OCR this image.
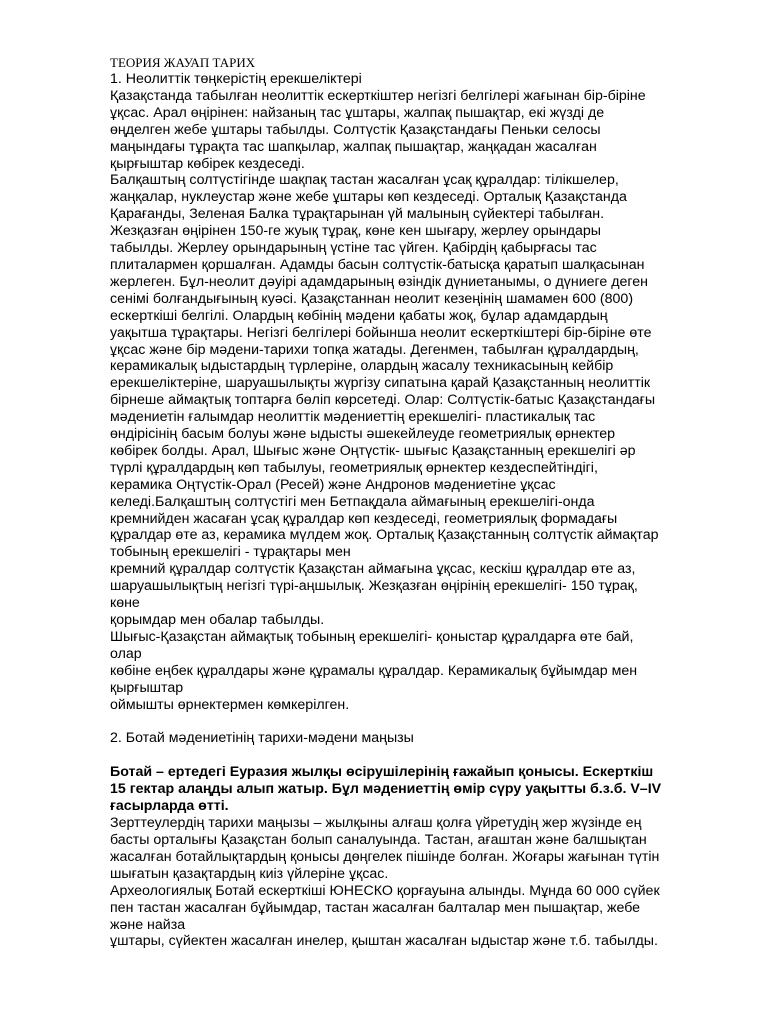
ТЕОРИЯ ЖАУАП ТАРИХ

1. Неолиттік төңкерістің ерекшеліктері

Қазақстанда табылған неолиттік ескерткіштер негізгі белгілері жағынан бір-біріне

ұқсас. Арал өңірінен: найзаның тас ұштары, жалпақ пышақтар, екі жүзді де

өңделген жебе ұштары табылды. Солтүстік Қазақстандағы Пеньки селосы

маңындағы тұрақта тас шапқылар, жалпақ пышақтар, жаңқадан жасалған

қырғыштар көбірек кездеседі.

Балқаштың солтүстігінде шақпақ тастан жасалған ұсақ құралдар: тілікшелер,

жаңқалар, нуклеустар және жебе ұштары көп кездеседі. Орталық Қазақстанда

Қарағанды, Зеленая Балка тұрақтарынан үй малының сүйектері табылған.

Жезқазған өңірінен 150-ге жуық тұрақ, көне кен шығару, жерлеу орындары

табылды. Жерлеу орындарының үстіне тас үйген. Қабірдің қабырғасы тас

плиталармен қоршалған. Адамды басын солтүстік-батысқа қаратып шалқасынан

жерлеген. Бұл-неолит дәуірі адамдарының өзіндік дүниетанымы, о дүниеге деген

сенімі болғандығының куәсі. Қазақстаннан неолит кезеңінің шамамен 600 (800)

ескерткіші белгілі. Олардың көбінің мәдени қабаты жоқ, бұлар адамдардың

уақытша тұрақтары. Негізгі белгілері бойынша неолит ескерткіштері бір-біріне өте

ұқсас және бір мәдени-тарихи топқа жатады. Дегенмен, табылған құралдардың,

керамикалық ыдыстардың түрлеріне, олардың жасалу техникасының кейбір

ерекшеліктеріне, шаруашылықты жүргізу сипатына қарай Қазақстанның неолиттік

бірнеше аймақтық топтарға бөліп көрсетеді. Олар: Солтүстік-батыс Қазақстандағы

мәдениетін ғалымдар неолиттік мәдениеттің ерекшелігі- пластикалық тас

өндірісінің басым болуы және ыдысты әшекейлеуде геометриялық өрнектер

көбірек болды. Арал, Шығыс және Оңтүстік- шығыс Қазақстанның ерекшелігі әр

түрлі құралдардың көп табылуы, геометриялық өрнектер кездеспейтіндігі,

керамика Оңтүстік-Орал (Ресей) және Андронов мәдениетіне ұқсас

келеді.Балқаштың солтүстігі мен Бетпақдала аймағының ерекшелігі-онда

кремнийден жасаған ұсақ құралдар көп кездеседі, геометриялық формадағы

құралдар өте аз, керамика мүлдем жоқ. Орталық Қазақстанның солтүстік аймақтар

тобының ерекшелігі - тұрақтары мен

кремний құралдар солтүстік Қазақстан аймағына ұқсас, кескіш құралдар өте аз,

шаруашылықтың негізгі түрі-аңшылық. Жезқазған өңірінің ерекшелігі- 150 тұрақ,

көне

қорымдар мен обалар табылды.

Шығыс-Қазақстан аймақтық тобының ерекшелігі- қоныстар құралдарға өте бай,

олар

көбіне еңбек құралдары және құрамалы құралдар. Керамикалық бұйымдар мен

қырғыштар

оймышты өрнектермен көмкерілген.

2. Ботай мәдениетінің тарихи-мәдени маңызы

Ботай – ертедегі Еуразия жылқы өсірушілерінің ғажайып қонысы. Ескерткіш

15 гектар алаңды алып жатыр. Бұл мәдениеттің өмір сүру уақытты б.з.б. V–IV

ғасырларда өтті.

Зерттеулердің тарихи маңызы – жылқыны алғаш қолға үйретудің жер жүзінде ең

басты орталығы Қазақстан болып саналуында. Тастан, ағаштан және балшықтан

жасалған ботайлықтардың қонысы дөңгелек пішінде болған. Жоғары жағынан түтін

шығатын қазақтардың киіз үйлеріне ұқсас.

Археологиялық Ботай ескерткіші ЮНЕСКО қорғауына алынды. Мұнда 60 000 сүйек

пен тастан жасалған бұйымдар, тастан жасалған балталар мен пышақтар, жебе

және найза

ұштары, сүйектен жасалған инелер, қыштан жасалған ыдыстар және т.б. табылды.
